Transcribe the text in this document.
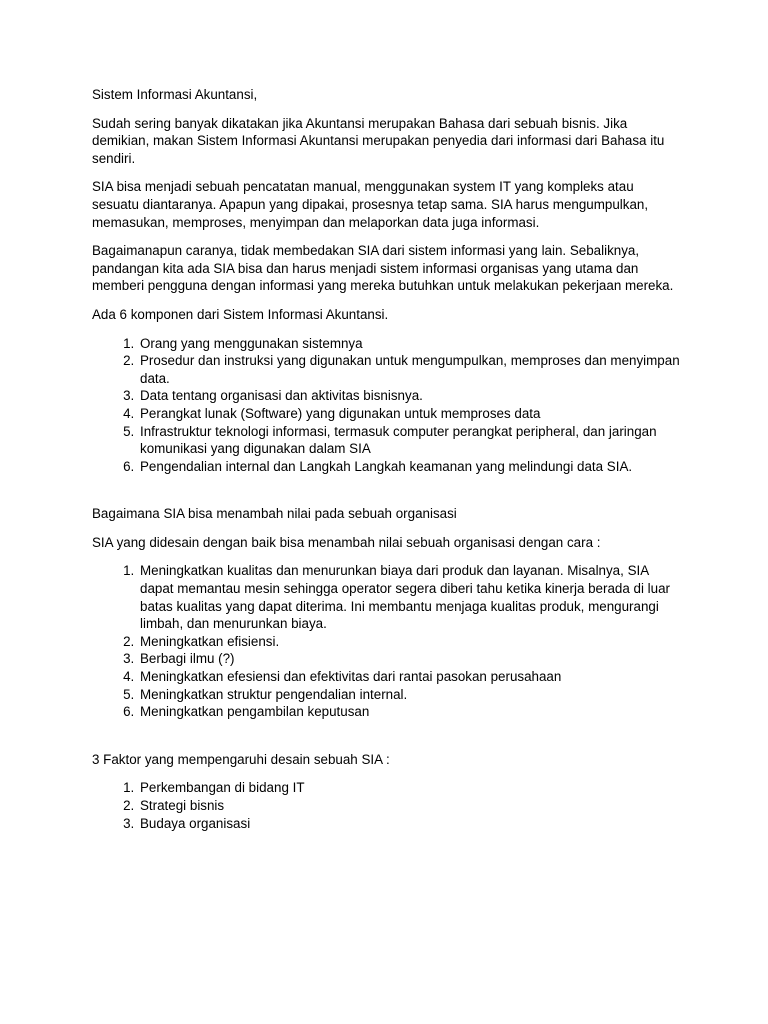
Sistem Informasi Akuntansi,

Sudah sering banyak dikatakan jika Akuntansi merupakan Bahasa dari sebuah bisnis. Jika demikian, makan Sistem Informasi Akuntansi merupakan penyedia dari informasi dari Bahasa itu sendiri.

SIA bisa menjadi sebuah pencatatan manual, menggunakan system IT yang kompleks atau sesuatu diantaranya. Apapun yang dipakai, prosesnya tetap sama. SIA harus mengumpulkan, memasukan, memproses, menyimpan dan melaporkan data juga informasi.

Bagaimanapun caranya, tidak membedakan SIA dari sistem informasi yang lain. Sebaliknya, pandangan kita ada SIA bisa dan harus menjadi sistem informasi organisas yang utama dan memberi pengguna dengan informasi yang mereka butuhkan untuk melakukan pekerjaan mereka.

Ada 6 komponen dari Sistem Informasi Akuntansi.

1. Orang yang menggunakan sistemnya
2. Prosedur dan instruksi yang digunakan untuk mengumpulkan, memproses dan menyimpan data.
3. Data tentang organisasi dan aktivitas bisnisnya.
4. Perangkat lunak (Software) yang digunakan untuk memproses data
5. Infrastruktur teknologi informasi, termasuk computer perangkat peripheral, dan jaringan komunikasi yang digunakan dalam SIA
6. Pengendalian internal dan Langkah Langkah keamanan yang melindungi data SIA.

Bagaimana SIA bisa menambah nilai pada sebuah organisasi

SIA yang didesain dengan baik bisa menambah nilai sebuah organisasi dengan cara :

1. Meningkatkan kualitas dan menurunkan biaya dari produk dan layanan. Misalnya, SIA dapat memantau mesin sehingga operator segera diberi tahu ketika kinerja berada di luar batas kualitas yang dapat diterima. Ini membantu menjaga kualitas produk, mengurangi limbah, dan menurunkan biaya.
2. Meningkatkan efisiensi.
3. Berbagi ilmu (?)
4. Meningkatkan efesiensi dan efektivitas dari rantai pasokan perusahaan
5. Meningkatkan struktur pengendalian internal.
6. Meningkatkan pengambilan keputusan

3 Faktor yang mempengaruhi desain sebuah SIA :

1. Perkembangan di bidang IT
2. Strategi bisnis
3. Budaya organisasi
